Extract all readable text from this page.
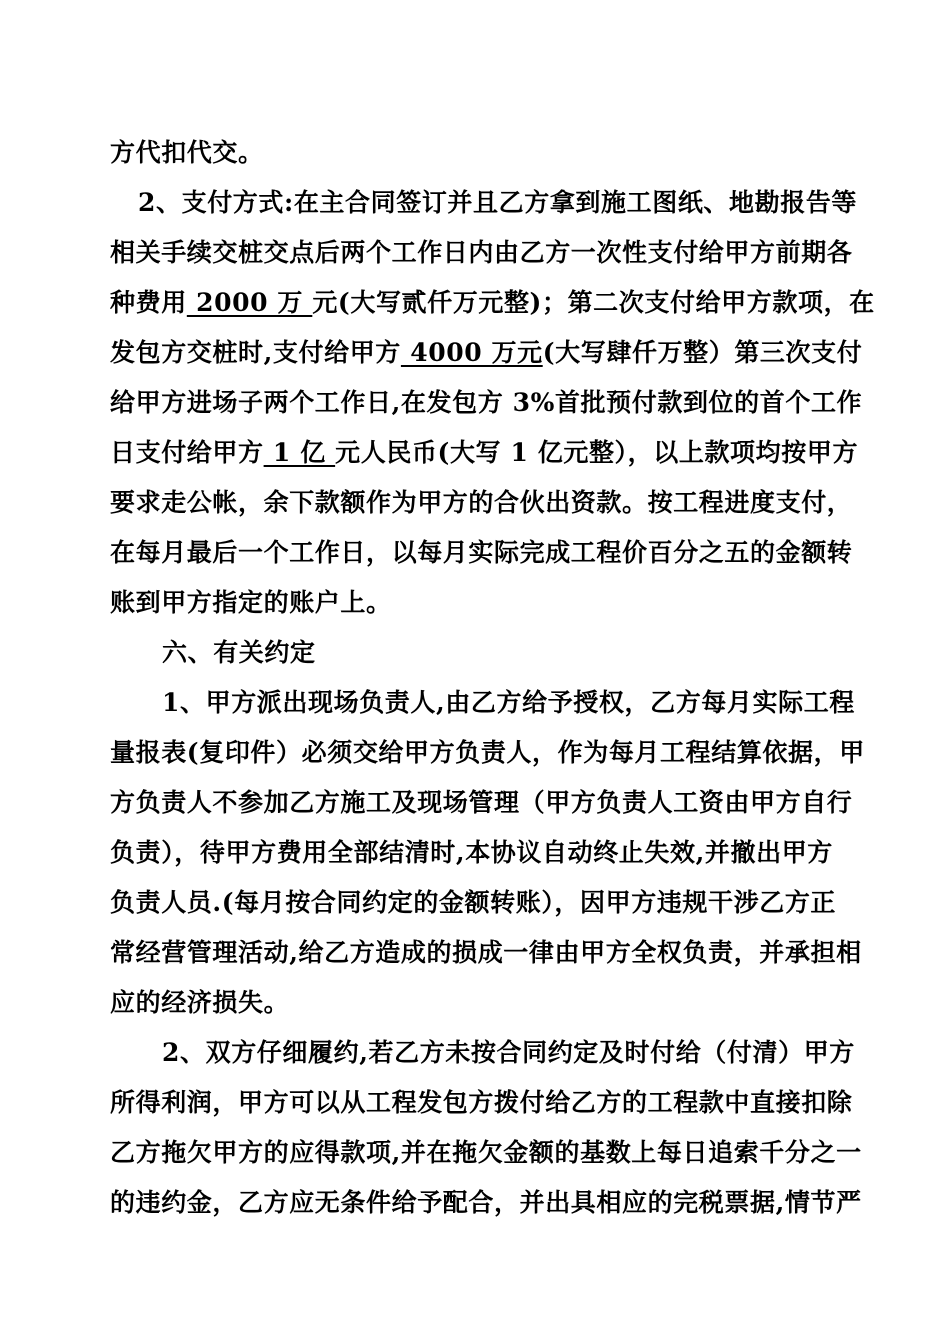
方代扣代交。
2、支付方式:在主合同签订并且乙方拿到施工图纸、地勘报告等
相关手续交桩交点后两个工作日内由乙方一次性支付给甲方前期各
种费用 2000 万 元(大写贰仟万元整)；第二次支付给甲方款项，在
发包方交桩时,支付给甲方 4000 万元(大写肆仟万整）第三次支付
给甲方进场子两个工作日,在发包方 3%首批预付款到位的首个工作
日支付给甲方 1 亿 元人民币(大写 1 亿元整），以上款项均按甲方
要求走公帐，余下款额作为甲方的合伙出资款。按工程进度支付，
在每月最后一个工作日，以每月实际完成工程价百分之五的金额转
账到甲方指定的账户上。
六、有关约定
1、甲方派出现场负责人,由乙方给予授权，乙方每月实际工程
量报表(复印件）必须交给甲方负责人，作为每月工程结算依据，甲
方负责人不参加乙方施工及现场管理（甲方负责人工资由甲方自行
负责），待甲方费用全部结清时,本协议自动终止失效,并撤出甲方
负责人员.(每月按合同约定的金额转账），因甲方违规干涉乙方正
常经营管理活动,给乙方造成的损成一律由甲方全权负责，并承担相
应的经济损失。
2、双方仔细履约,若乙方未按合同约定及时付给（付清）甲方
所得利润，甲方可以从工程发包方拨付给乙方的工程款中直接扣除
乙方拖欠甲方的应得款项,并在拖欠金额的基数上每日追索千分之一
的违约金，乙方应无条件给予配合，并出具相应的完税票据,情节严
